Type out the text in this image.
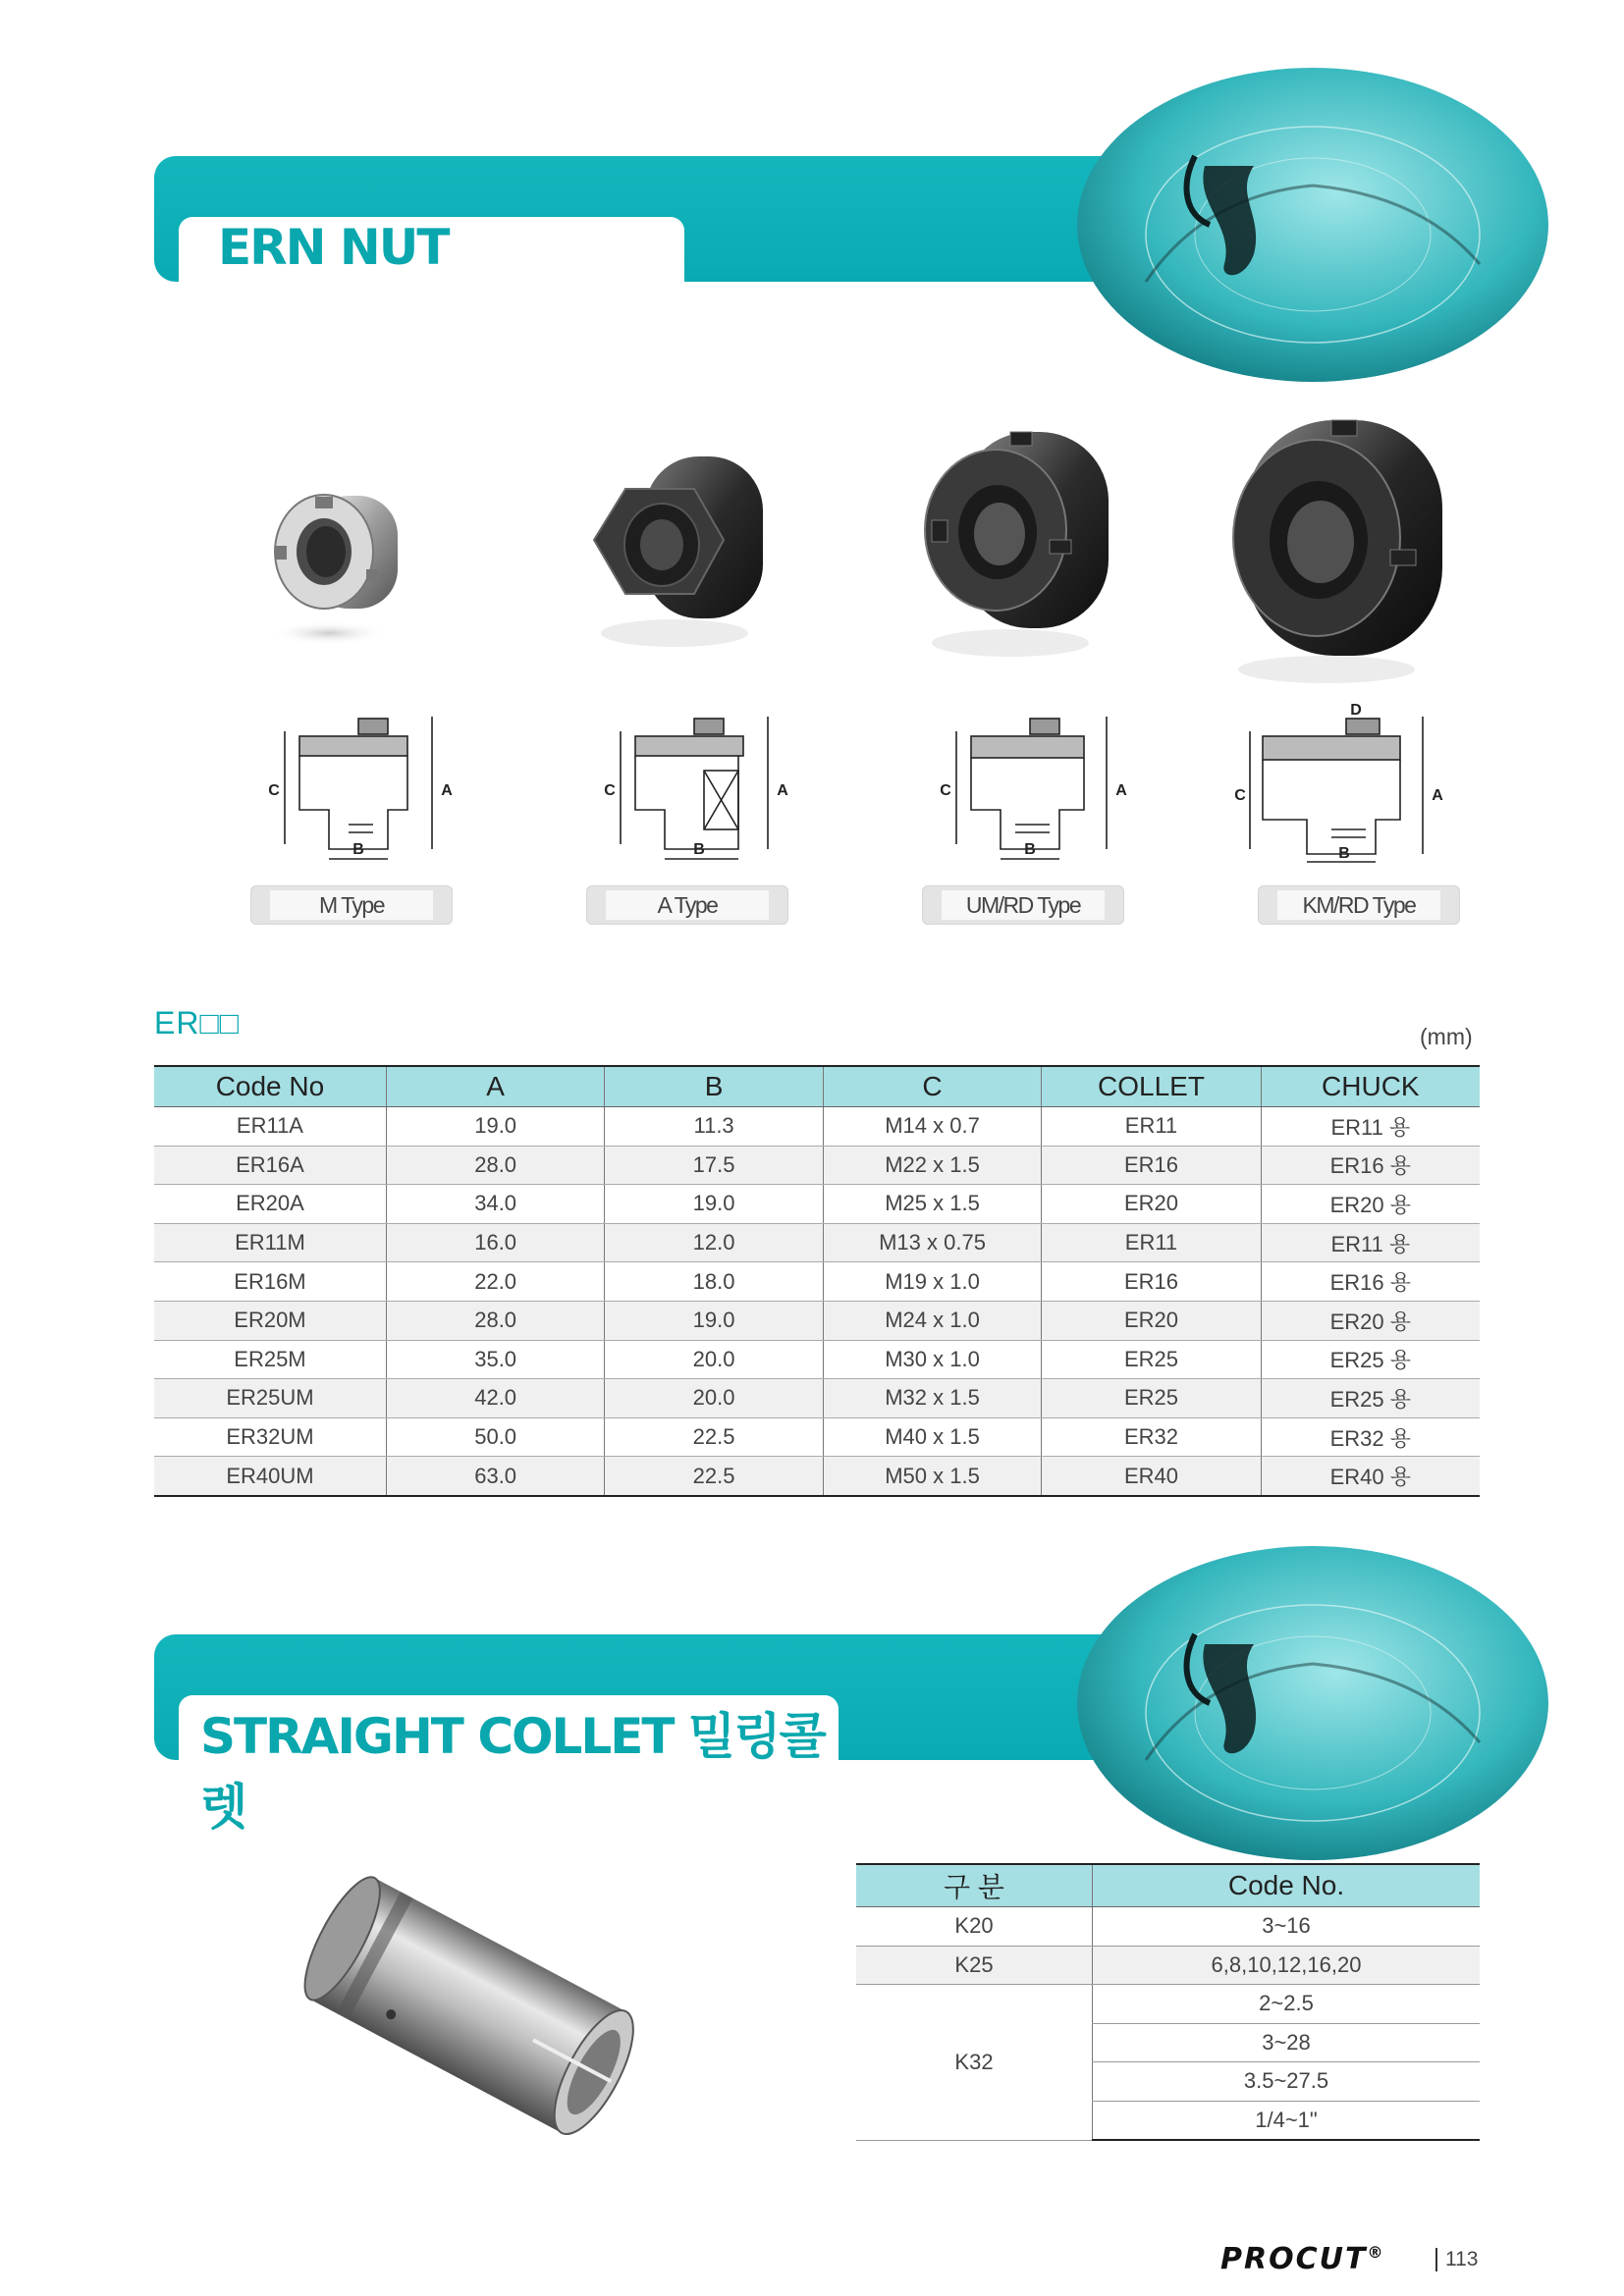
ERN NUT
C	A
B
M Type
C	A
B
A Type
C	A
B
UM/RD Type
C	A
B
D
KM/RD Type
ER□□	(mm)
Code No	A	B	C	COLLET	CHUCK
ER11A	19.0	11.3	M14 x 0.7	ER11	ER11 용
ER16A	28.0	17.5	M22 x 1.5	ER16	ER16 용
ER20A	34.0	19.0	M25 x 1.5	ER20	ER20 용
ER11M	16.0	12.0	M13 x 0.75	ER11	ER11 용
ER16M	22.0	18.0	M19 x 1.0	ER16	ER16 용
ER20M	28.0	19.0	M24 x 1.0	ER20	ER20 용
ER25M	35.0	20.0	M30 x 1.0	ER25	ER25 용
ER25UM	42.0	20.0	M32 x 1.5	ER25	ER25 용
ER32UM	50.0	22.5	M40 x 1.5	ER32	ER32 용
ER40UM	63.0	22.5	M50 x 1.5	ER40	ER40 용
STRAIGHT COLLET 밀링콜렛
구 분	Code No.
K20	3~16
K25	6,8,10,12,16,20
K32	2~2.5
	3~28
	3.5~27.5
	1/4~1"
PROCUT®	113
